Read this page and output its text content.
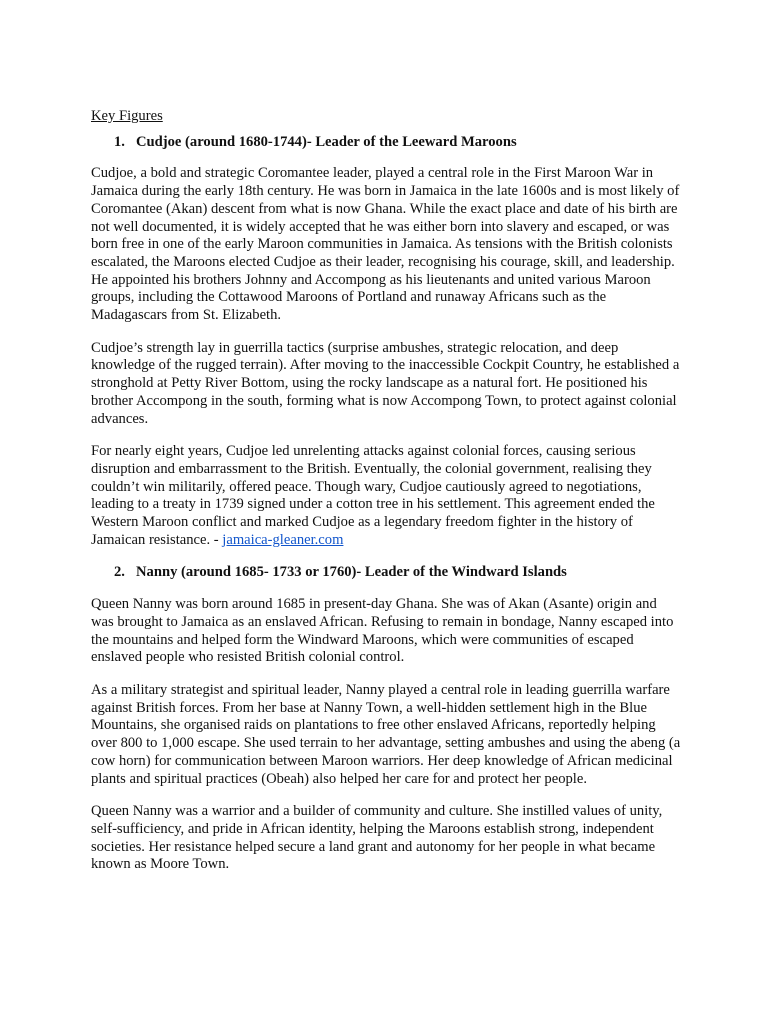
Key Figures
1. Cudjoe (around 1680-1744)- Leader of the Leeward Maroons

Cudjoe, a bold and strategic Coromantee leader, played a central role in the First Maroon War in Jamaica during the early 18th century. He was born in Jamaica in the late 1600s and is most likely of Coromantee (Akan) descent from what is now Ghana. While the exact place and date of his birth are not well documented, it is widely accepted that he was either born into slavery and escaped, or was born free in one of the early Maroon communities in Jamaica. As tensions with the British colonists escalated, the Maroons elected Cudjoe as their leader, recognising his courage, skill, and leadership. He appointed his brothers Johnny and Accompong as his lieutenants and united various Maroon groups, including the Cottawood Maroons of Portland and runaway Africans such as the Madagascars from St. Elizabeth.

Cudjoe’s strength lay in guerrilla tactics (surprise ambushes, strategic relocation, and deep knowledge of the rugged terrain). After moving to the inaccessible Cockpit Country, he established a stronghold at Petty River Bottom, using the rocky landscape as a natural fort. He positioned his brother Accompong in the south, forming what is now Accompong Town, to protect against colonial advances.

For nearly eight years, Cudjoe led unrelenting attacks against colonial forces, causing serious disruption and embarrassment to the British. Eventually, the colonial government, realising they couldn’t win militarily, offered peace. Though wary, Cudjoe cautiously agreed to negotiations, leading to a treaty in 1739 signed under a cotton tree in his settlement. This agreement ended the Western Maroon conflict and marked Cudjoe as a legendary freedom fighter in the history of Jamaican resistance. - jamaica-gleaner.com

2. Nanny (around 1685- 1733 or 1760)- Leader of the Windward Islands

Queen Nanny was born around 1685 in present-day Ghana. She was of Akan (Asante) origin and was brought to Jamaica as an enslaved African. Refusing to remain in bondage, Nanny escaped into the mountains and helped form the Windward Maroons, which were communities of escaped enslaved people who resisted British colonial control.

As a military strategist and spiritual leader, Nanny played a central role in leading guerrilla warfare against British forces. From her base at Nanny Town, a well-hidden settlement high in the Blue Mountains, she organised raids on plantations to free other enslaved Africans, reportedly helping over 800 to 1,000 escape. She used terrain to her advantage, setting ambushes and using the abeng (a cow horn) for communication between Maroon warriors. Her deep knowledge of African medicinal plants and spiritual practices (Obeah) also helped her care for and protect her people.

Queen Nanny was a warrior and a builder of community and culture. She instilled values of unity, self-sufficiency, and pride in African identity, helping the Maroons establish strong, independent societies. Her resistance helped secure a land grant and autonomy for her people in what became known as Moore Town.
